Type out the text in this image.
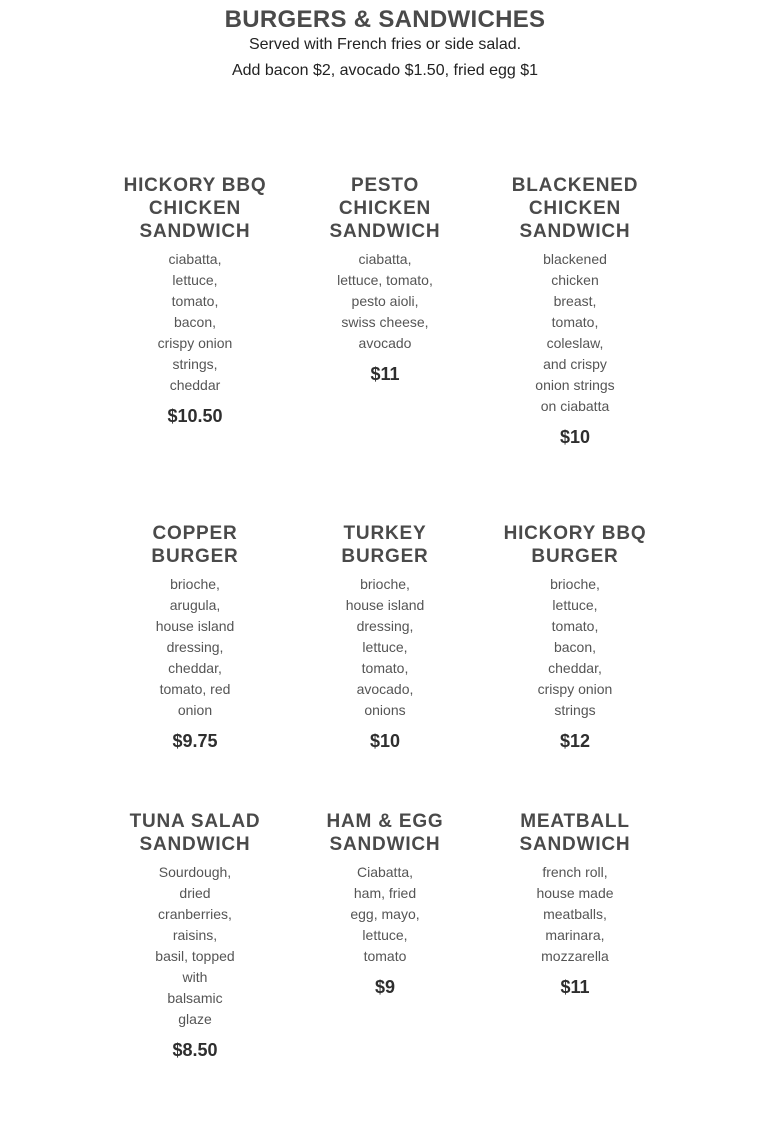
BURGERS & SANDWICHES

Served with French fries or side salad.

Add bacon $2, avocado $1.50, fried egg $1

HICKORY BBQ CHICKEN SANDWICH
ciabatta, lettuce, tomato, bacon, crispy onion strings, cheddar
$10.50
PESTO CHICKEN SANDWICH
ciabatta, lettuce, tomato, pesto aioli, swiss cheese, avocado
$11
BLACKENED CHICKEN SANDWICH
blackened chicken breast, tomato, coleslaw, and crispy onion strings on ciabatta
$10
COPPER BURGER
brioche, arugula, house island dressing, cheddar, tomato, red onion
$9.75
TURKEY BURGER
brioche, house island dressing, lettuce, tomato, avocado, onions
$10
HICKORY BBQ BURGER
brioche, lettuce, tomato, bacon, cheddar, crispy onion strings
$12
TUNA SALAD SANDWICH
Sourdough, dried cranberries, raisins, basil, topped with balsamic glaze
$8.50
HAM & EGG SANDWICH
Ciabatta, ham, fried egg, mayo, lettuce, tomato
$9
MEATBALL SANDWICH
french roll, house made meatballs, marinara, mozzarella
$11
